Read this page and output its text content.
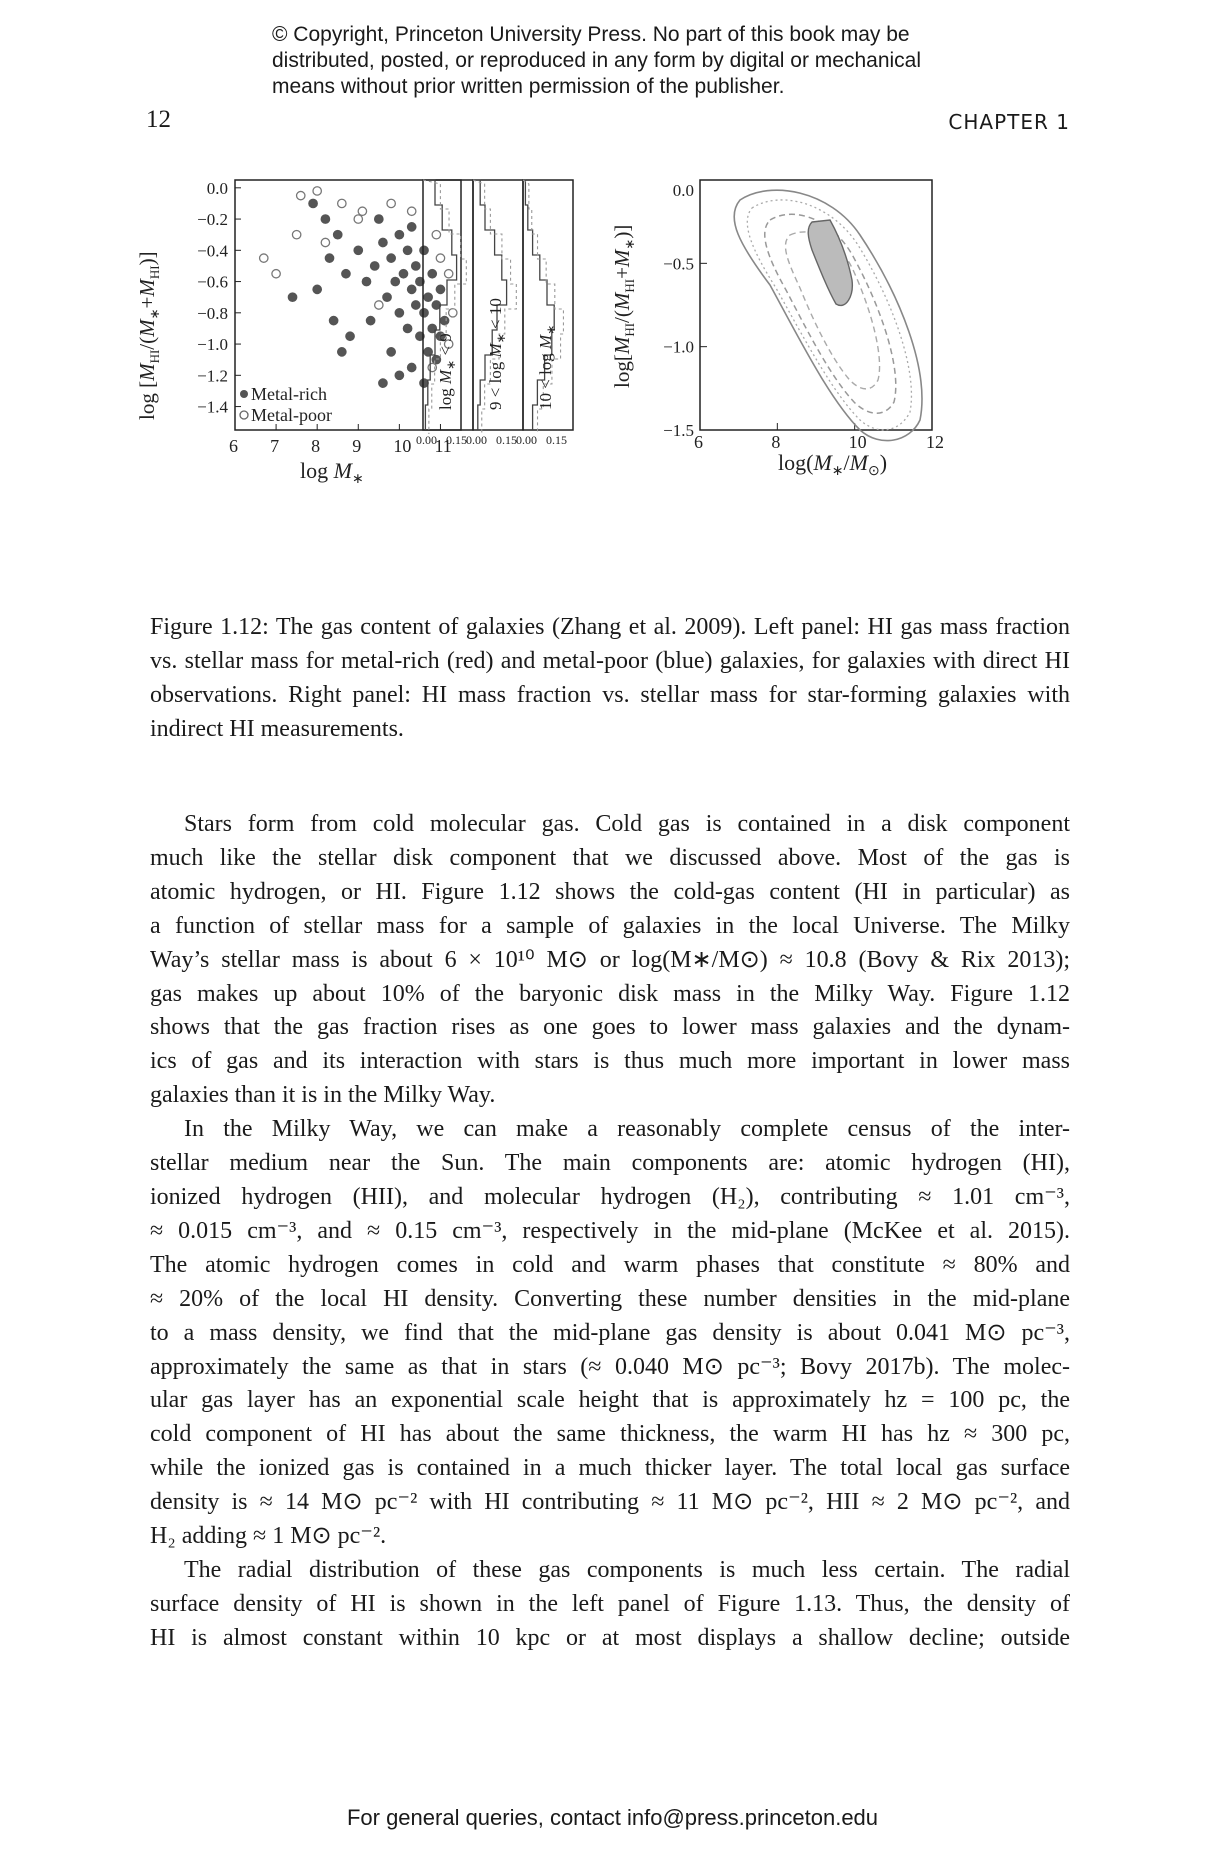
© Copyright, Princeton University Press. No part of this book may be
distributed, posted, or reproduced in any form by digital or mechanical
means without prior written permission of the publisher.
12	CHAPTER 1
6 7 8 9 10 11
0.0
−0.2
−0.4
−0.6
−0.8
−1.0
−1.2
−1.4
Metal-rich
Metal-poor
$\log M_∗$
$\log [M_{HI}/(M_∗+M_{HI})]$
$\log M_∗ < 9$
$9 < \log M_∗ < 10$
$10 < \log M_∗$
0.00 0.15 0.00 0.15 0.00 0.15	6	8	10	12
0.0
−0.5
−1.0
−1.5
$\log(M_∗/M_⊙)$
$\log[M_{HI}/(M_{HI}+M_∗)]$
Figure 1.12: The gas content of galaxies (Zhang et al. 2009). Left panel: HI gas mass fraction vs. stellar mass for metal-rich (red) and metal-poor (blue) galaxies, for galaxies with direct HI observations. Right panel: HI mass fraction vs. stellar mass for star-forming galaxies with indirect HI measurements.

Stars form from cold molecular gas. Cold gas is contained in a disk component
much like the stellar disk component that we discussed above. Most of the gas is
atomic hydrogen, or HI. Figure 1.12 shows the cold-gas content (HI in particular) as
a function of stellar mass for a sample of galaxies in the local Universe. The Milky
Way’s stellar mass is about 6 × 10¹⁰ M⊙ or log(M∗/M⊙) ≈ 10.8 (Bovy & Rix 2013);
gas makes up about 10% of the baryonic disk mass in the Milky Way. Figure 1.12
shows that the gas fraction rises as one goes to lower mass galaxies and the dynam-
ics of gas and its interaction with stars is thus much more important in lower mass
galaxies than it is in the Milky Way.

In the Milky Way, we can make a reasonably complete census of the inter-
stellar medium near the Sun. The main components are: atomic hydrogen (HI),
ionized hydrogen (HII), and molecular hydrogen (H₂), contributing ≈ 1.01 cm⁻³,
≈ 0.015 cm⁻³, and ≈ 0.15 cm⁻³, respectively in the mid-plane (McKee et al. 2015).
The atomic hydrogen comes in cold and warm phases that constitute ≈ 80% and
≈ 20% of the local HI density. Converting these number densities in the mid-plane
to a mass density, we find that the mid-plane gas density is about 0.041 M⊙ pc⁻³,
approximately the same as that in stars (≈ 0.040 M⊙ pc⁻³; Bovy 2017b). The molec-
ular gas layer has an exponential scale height that is approximately hz = 100 pc, the
cold component of HI has about the same thickness, the warm HI has hz ≈ 300 pc,
while the ionized gas is contained in a much thicker layer. The total local gas surface
density is ≈ 14 M⊙ pc⁻² with HI contributing ≈ 11 M⊙ pc⁻², HII ≈ 2 M⊙ pc⁻², and
H₂ adding ≈ 1 M⊙ pc⁻².

The radial distribution of these gas components is much less certain. The radial
surface density of HI is shown in the left panel of Figure 1.13. Thus, the density of
HI is almost constant within 10 kpc or at most displays a shallow decline; outside

For general queries, contact info@press.princeton.edu
